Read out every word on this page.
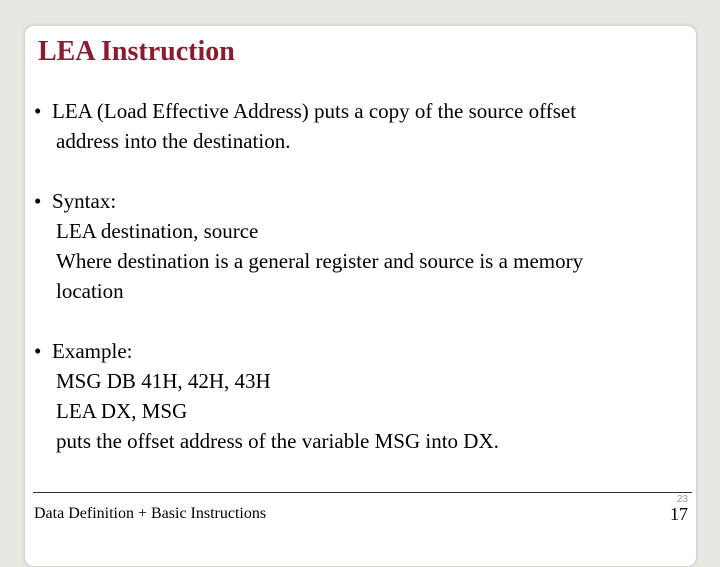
LEA Instruction
• LEA (Load Effective Address) puts a copy of the source offset
address into the destination.
• Syntax:
LEA destination, source
Where destination is a general register and source is a memory
location
• Example:
MSG DB 41H, 42H, 43H
LEA DX, MSG
puts the offset address of the variable MSG into DX.
Data Definition + Basic Instructions
23
17
